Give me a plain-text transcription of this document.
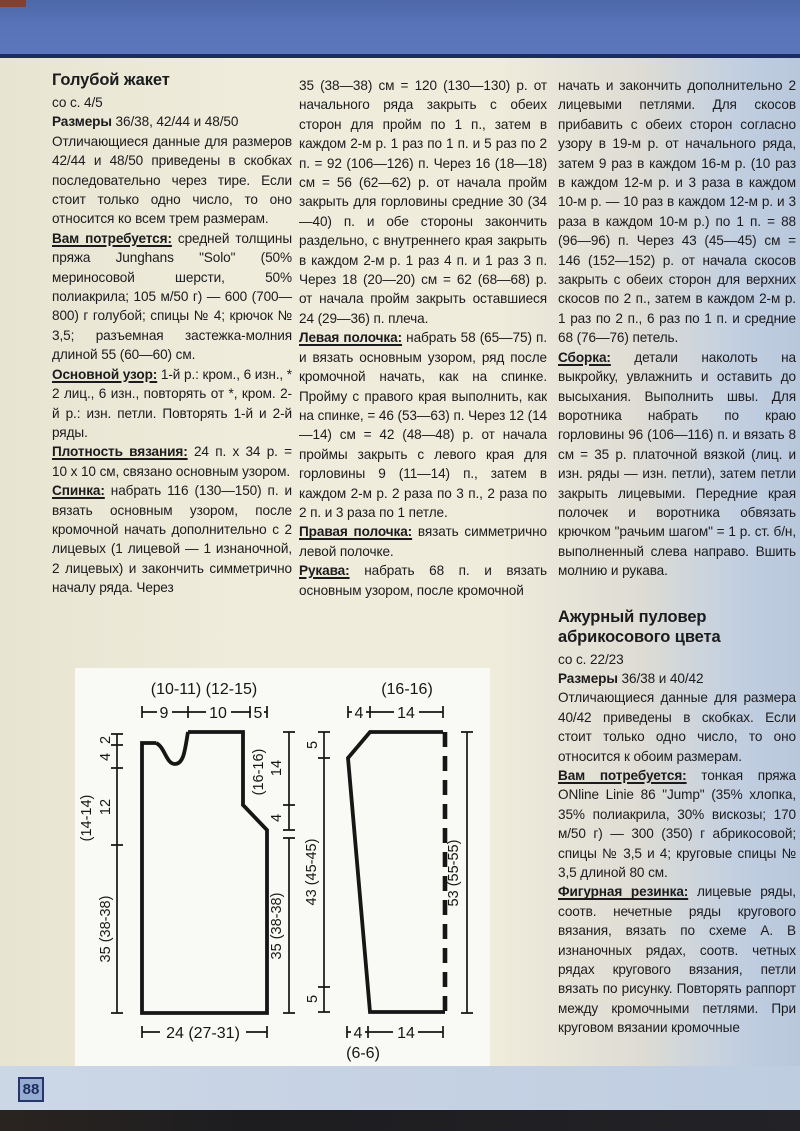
Голубой жакет

со с. 4/5

Размеры 36/38, 42/44 и 48/50

Отличающиеся данные для размеров 42/44 и 48/50 приведены в скобках последовательно через тире. Если стоит только одно число, то оно относится ко всем трем размерам.

Вам потребуется: средней толщины пряжа Junghans "Solo" (50% мериносовой шерсти, 50% полиакрила; 105 м/50 г) — 600 (700—800) г голубой; спицы № 4; крючок № 3,5; разъемная застежка-молния длиной 55 (60—60) см.

Основной узор: 1-й р.: кром., 6 изн., * 2 лиц., 6 изн., повторять от *, кром. 2-й р.: изн. петли. Повторять 1-й и 2-й ряды.

Плотность вязания: 24 п. x 34 р. = 10 x 10 см, связано основным узором.

Спинка: набрать 116 (130—150) п. и вязать основным узором, после кромочной начать дополнительно с 2 лицевых (1 лицевой — 1 изнаночной, 2 лицевых) и закончить симметрично началу ряда. Через

35 (38—38) см = 120 (130—130) р. от начального ряда закрыть с обеих сторон для пройм по 1 п., затем в каждом 2-м р. 1 раз по 1 п. и 5 раз по 2 п. = 92 (106—126) п. Через 16 (18—18) см = 56 (62—62) р. от начала пройм закрыть для горловины средние 30 (34—40) п. и обе стороны закончить раздельно, с внутреннего края закрыть в каждом 2-м р. 1 раз 4 п. и 1 раз 3 п. Через 18 (20—20) см = 62 (68—68) р. от начала пройм закрыть оставшиеся 24 (29—36) п. плеча.

Левая полочка: набрать 58 (65—75) п. и вязать основным узором, ряд после кромочной начать, как на спинке. Пройму с правого края выполнить, как на спинке, = 46 (53—63) п. Через 12 (14—14) см = 42 (48—48) р. от начала проймы закрыть с левого края для горловины 9 (11—14) п., затем в каждом 2-м р. 2 раза по 3 п., 2 раза по 2 п. и 3 раза по 1 петле.

Правая полочка: вязать симметрично левой полочке.

Рукава: набрать 68 п. и вязать основным узором, после кромочной

начать и закончить дополнительно 2 лицевыми петлями. Для скосов прибавить с обеих сторон согласно узору в 19-м р. от начального ряда, затем 9 раз в каждом 16-м р. (10 раз в каждом 12-м р. и 3 раза в каждом 10-м р. — 10 раз в каждом 12-м р. и 3 раза в каждом 10-м р.) по 1 п. = 88 (96—96) п. Через 43 (45—45) см = 146 (152—152) р. от начала скосов закрыть с обеих сторон для верхних скосов по 2 п., затем в каждом 2-м р. 1 раз по 2 п., 6 раз по 1 п. и средние 68 (76—76) петель.

Сборка: детали наколоть на выкройку, увлажнить и оставить до высыхания. Выполнить швы. Для воротника набрать по краю горловины 96 (106—116) п. и вязать 8 см = 35 р. платочной вязкой (лиц. и изн. ряды — изн. петли), затем петли закрыть лицевыми. Передние края полочек и воротника обвязать крючком "рачьим шагом" = 1 р. ст. б/н, выполненный слева направо. Вшить молнию и рукава.

Ажурный пуловер абрикосового цвета

со с. 22/23

Размеры 36/38 и 40/42

Отличающиеся данные для размера 40/42 приведены в скобках. Если стоит только одно число, то оно относится к обоим размерам.

Вам потребуется: тонкая пряжа ONline Linie 86 "Jump" (35% хлопка, 35% полиакрила, 30% вискозы; 170 м/50 г) — 300 (350) г абрикосовой; спицы № 3,5 и 4; круговые спицы № 3,5 длиной 80 см.

Фигурная резинка: лицевые ряды, соотв. нечетные ряды кругового вязания, вязать по схеме А. В изнаночных рядах, соотв. четных рядах кругового вязания, петли вязать по рисунку. Повторять раппорт между кромочными петлями. При круговом вязании кромочные

(10-11) (12-15)
9	10 5
24 (27-31)
2
4
12
(14-14)
35 (38-38)
(16-16) 14
4
35 (38-38)
(16-16)
4 14
5
43 (45-45)
5
53 (55-55)
4 14
(6-6)
88
